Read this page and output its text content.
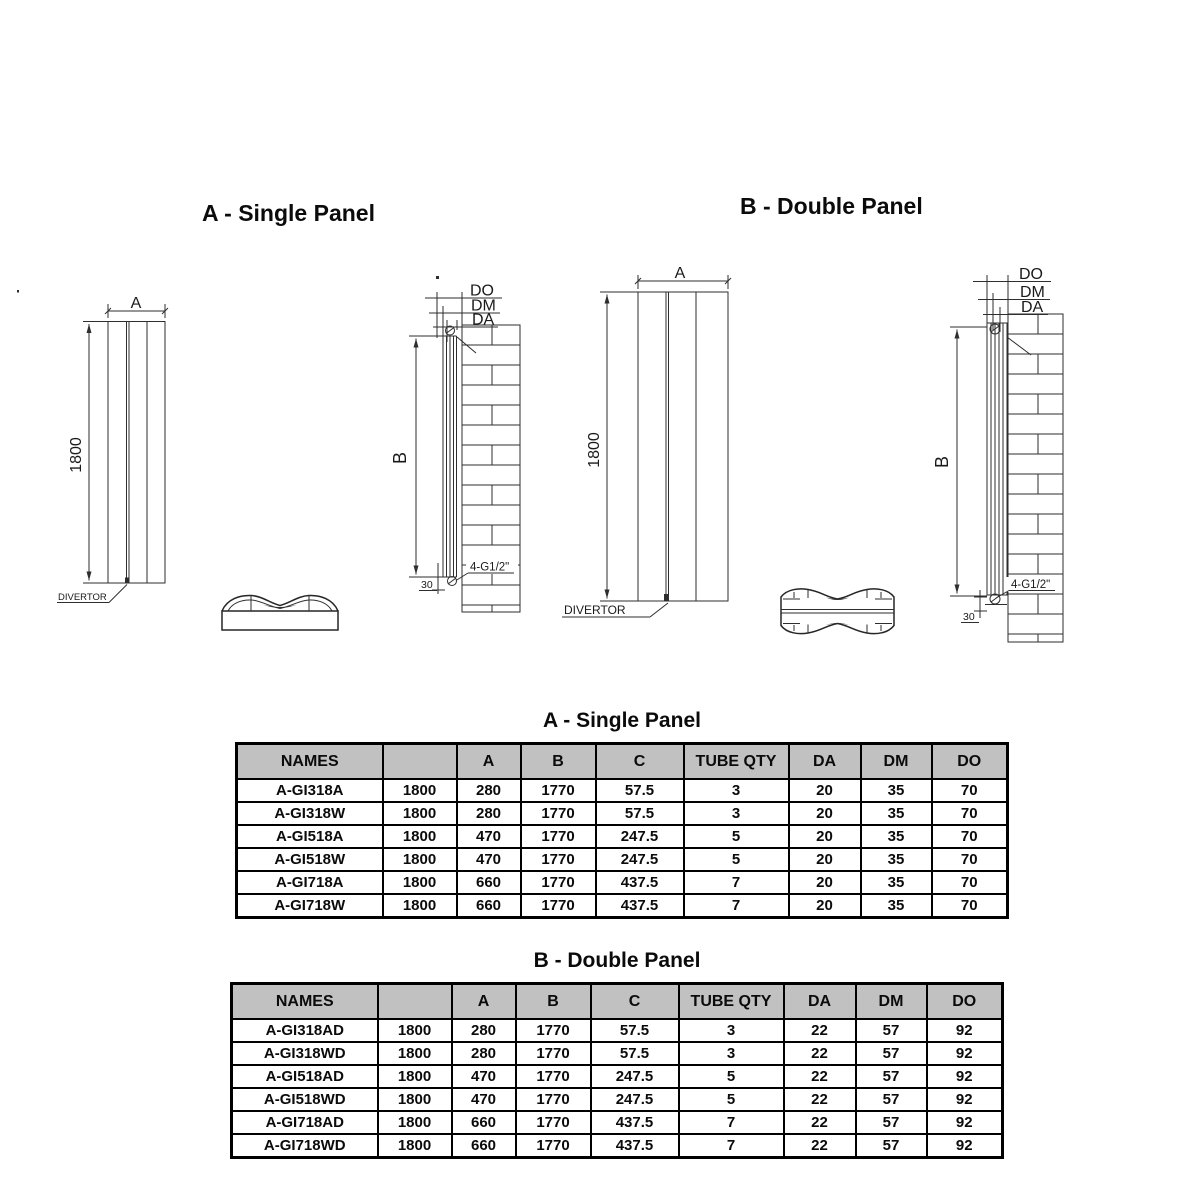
A - Single Panel	B - Double Panel
1800
A
DIVERTOR
B
DO
DM
DA
30
4-G1/2"
1800
A
DIVERTOR
B
DO
DM
DA
30
4-G1/2"
A - Single Panel
NAMES		A	B	C	TUBE QTY	DA	DM	DO
A-GI318A	1800	280	1770	57.5	3	20	35	70
A-GI318W	1800	280	1770	57.5	3	20	35	70
A-GI518A	1800	470	1770	247.5	5	20	35	70
A-GI518W	1800	470	1770	247.5	5	20	35	70
A-GI718A	1800	660	1770	437.5	7	20	35	70
A-GI718W	1800	660	1770	437.5	7	20	35	70
B - Double Panel
NAMES		A	B	C	TUBE QTY	DA	DM	DO
A-GI318AD	1800	280	1770	57.5	3	22	57	92
A-GI318WD	1800	280	1770	57.5	3	22	57	92
A-GI518AD	1800	470	1770	247.5	5	22	57	92
A-GI518WD	1800	470	1770	247.5	5	22	57	92
A-GI718AD	1800	660	1770	437.5	7	22	57	92
A-GI718WD	1800	660	1770	437.5	7	22	57	92
